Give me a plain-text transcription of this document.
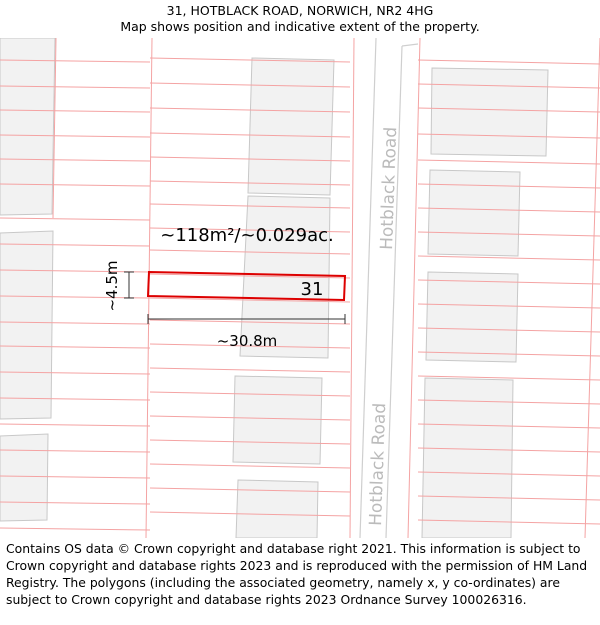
31, HOTBLACK ROAD, NORWICH, NR2 4HG
Map shows position and indicative extent of the property.
Hotblack Road
Hotblack Road
31
~118m²/~0.029ac.
~30.8m
~4.5m
Contains OS data © Crown copyright and database right 2021. This information is subject to Crown copyright and database rights 2023 and is reproduced with the permission of HM Land Registry. The polygons (including the associated geometry, namely x, y co-ordinates) are subject to Crown copyright and database rights 2023 Ordnance Survey 100026316.
